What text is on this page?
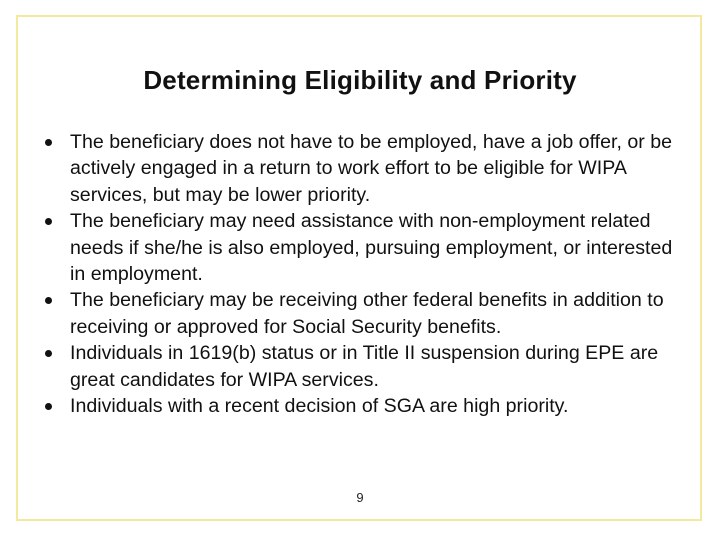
Determining Eligibility and Priority
The beneficiary does not have to be employed, have a job offer, or be actively engaged in a return to work effort to be eligible for WIPA services, but may be lower priority.
The beneficiary may need assistance with non-employment related needs if she/he is also employed, pursuing employment, or interested in employment.
The beneficiary may be receiving other federal benefits in addition to receiving or approved for Social Security benefits.
Individuals in 1619(b) status or in Title II suspension during EPE are great candidates for WIPA services.
Individuals with a recent decision of SGA are high priority.
9
